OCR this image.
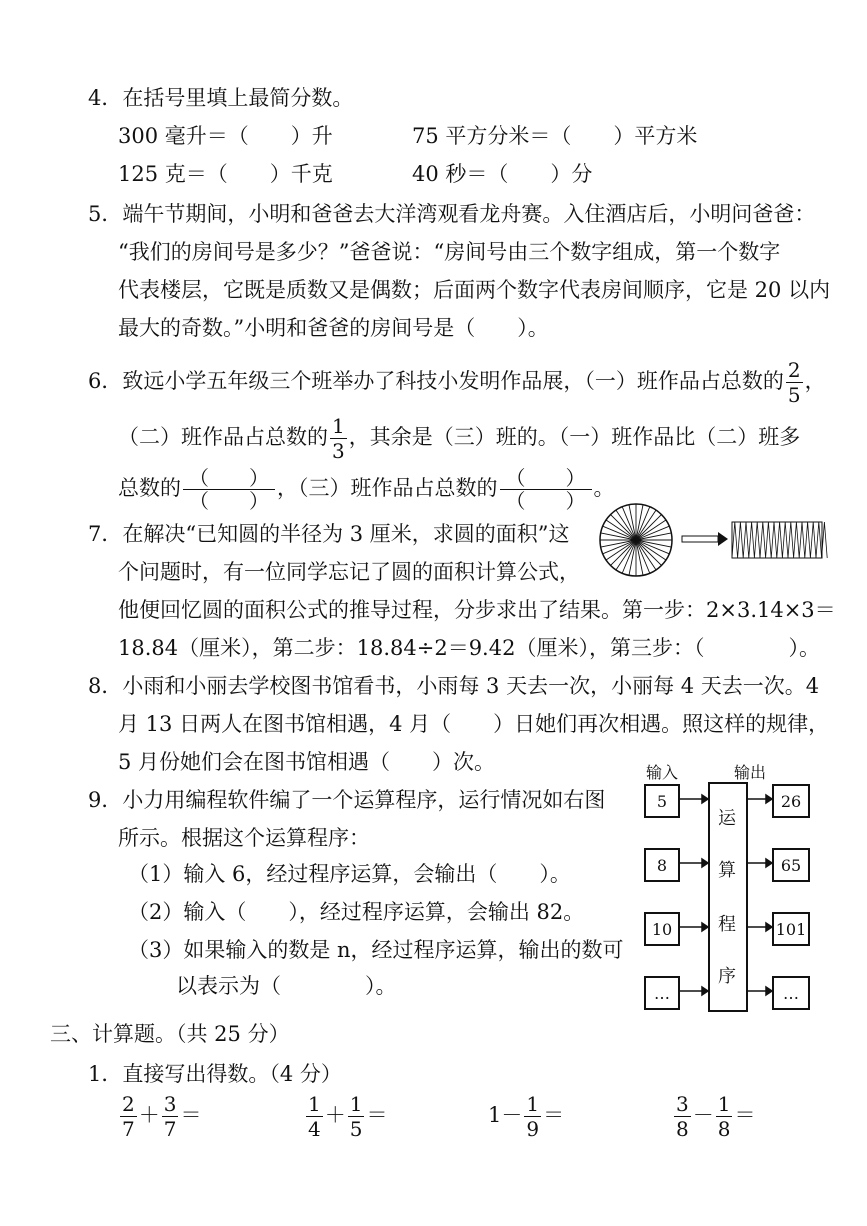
4．在括号里填上最简分数。
300 毫升＝（　　）升	75 平方分米＝（　　）平方米
125 克＝（　　）千克	40 秒＝（　　）分
5．端午节期间，小明和爸爸去大洋湾观看龙舟赛。入住酒店后，小明问爸爸：
“我们的房间号是多少？”爸爸说：“房间号由三个数字组成，第一个数字
代表楼层，它既是质数又是偶数；后面两个数字代表房间顺序，它是 20 以内
最大的奇数。”小明和爸爸的房间号是（　　）。
6．致远小学五年级三个班举办了科技小发明作品展，（一）班作品占总数的 $\frac{2}{5}$ ，
（二）班作品占总数的 $\frac{1}{3}$ ，其余是（三）班的。（一）班作品比（二）班多
总数的 $\frac{( )}{( )}$ ，（三）班作品占总数的 $\frac{( )}{( )}$ 。
7．在解决“已知圆的半径为 3 厘米，求圆的面积”这
个问题时，有一位同学忘记了圆的面积计算公式，
他便回忆圆的面积公式的推导过程，分步求出了结果。第一步：2×3.14×3＝
18.84（厘米），第二步：18.84÷2＝9.42（厘米），第三步：（　　　　）。
8．小雨和小丽去学校图书馆看书，小雨每 3 天去一次，小丽每 4 天去一次。4
月 13 日两人在图书馆相遇，4 月（　　）日她们再次相遇。照这样的规律，
5 月份她们会在图书馆相遇（　　）次。
9．小力用编程软件编了一个运算程序，运行情况如右图
所示。根据这个运算程序：
（1）输入 6，经过程序运算，会输出（　　）。
（2）输入（　　），经过程序运算，会输出 82。
（3）如果输入的数是 n，经过程序运算，输出的数可
以表示为（　　　　）。
输入	输出
运
算
程
序
5
8
10
…
26
65
101
…
三、计算题。（共 25 分）
1．直接写出得数。（4 分）
$\frac{2}{7} + \frac{3}{7}$ ＝	$\frac{1}{4} + \frac{1}{5}$ ＝	$1- \frac{1}{9}$ ＝	$\frac{3}{8} - \frac{1}{8}$ ＝
